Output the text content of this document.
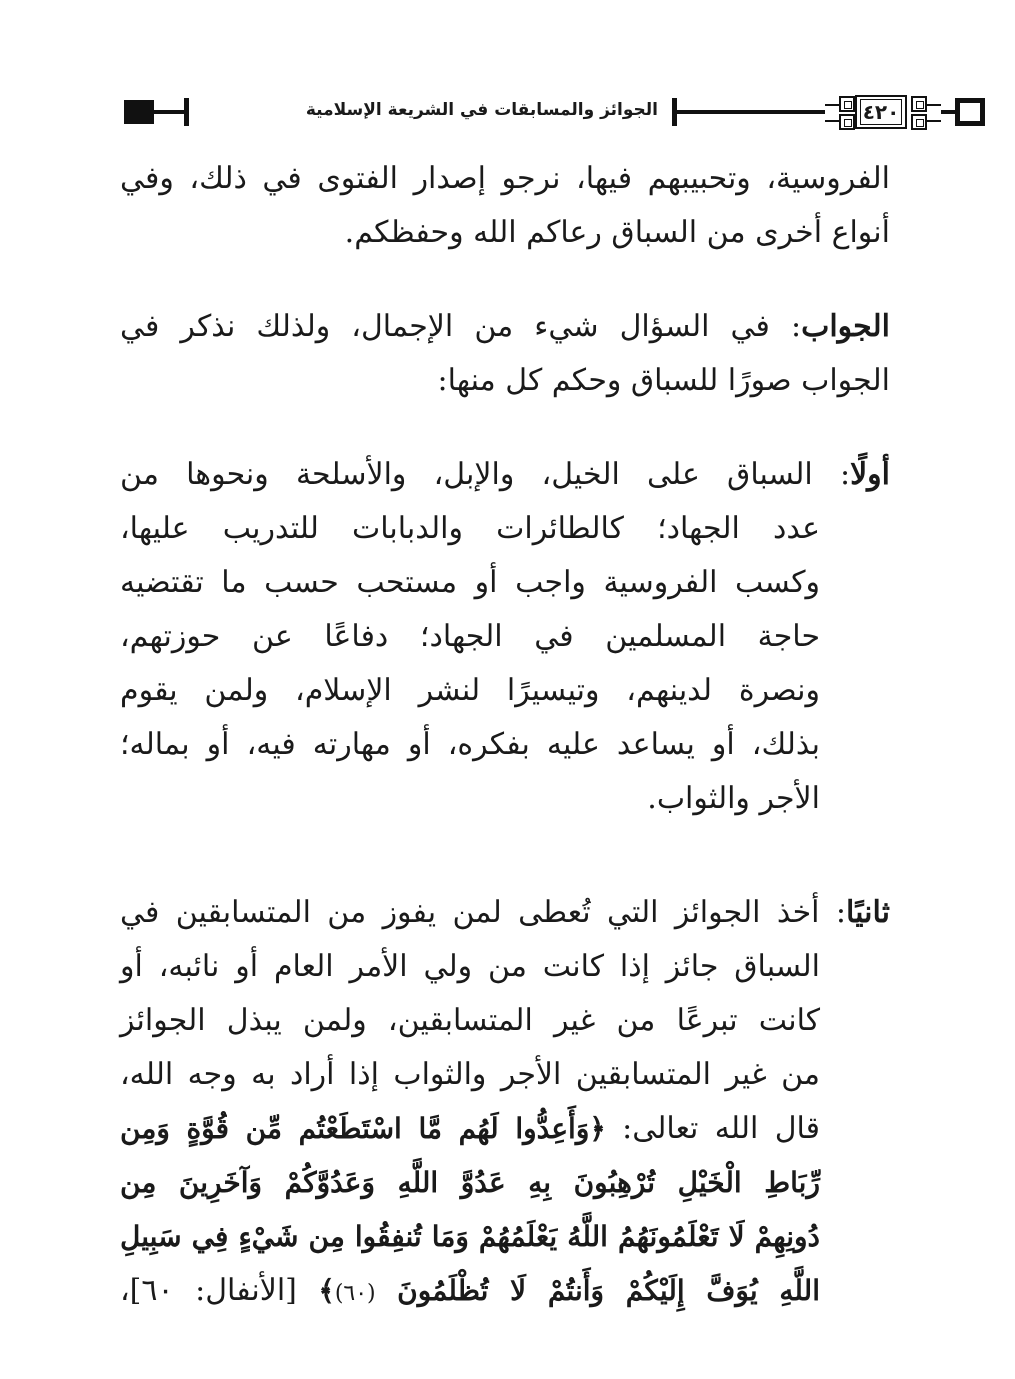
الجوائز والمسابقات في الشريعة الإسلامية	٤٢٠
الفروسية، وتحبيبهم فيها، نرجو إصدار الفتوى في ذلك، وفي
أنواع أخرى من السباق رعاكم الله وحفظكم.
الجواب: في السؤال شيء من الإجمال، ولذلك نذكر في
الجواب صورًا للسباق وحكم كل منها:
أولًا: السباق على الخيل، والإبل، والأسلحة ونحوها من
عدد الجهاد؛ كالطائرات والدبابات للتدريب عليها،
وكسب الفروسية واجب أو مستحب حسب ما تقتضيه
حاجة المسلمين في الجهاد؛ دفاعًا عن حوزتهم،
ونصرة لدينهم، وتيسيرًا لنشر الإسلام، ولمن يقوم
بذلك، أو يساعد عليه بفكره، أو مهارته فيه، أو بماله؛
الأجر والثواب.
ثانيًا: أخذ الجوائز التي تُعطى لمن يفوز من المتسابقين في
السباق جائز إذا كانت من ولي الأمر العام أو نائبه، أو
كانت تبرعًا من غير المتسابقين، ولمن يبذل الجوائز
من غير المتسابقين الأجر والثواب إذا أراد به وجه الله،
قال الله تعالى: ﴿وَأَعِدُّوا لَهُم مَّا اسْتَطَعْتُم مِّن قُوَّةٍ وَمِن
رِّبَاطِ الْخَيْلِ تُرْهِبُونَ بِهِ عَدُوَّ اللَّهِ وَعَدُوَّكُمْ وَآخَرِينَ مِن
دُونِهِمْ لَا تَعْلَمُونَهُمُ اللَّهُ يَعْلَمُهُمْ وَمَا تُنفِقُوا مِن شَيْءٍ فِي سَبِيلِ
اللَّهِ يُوَفَّ إِلَيْكُمْ وَأَنتُمْ لَا تُظْلَمُونَ (٦٠)﴾ [الأنفال: ٦٠]،
